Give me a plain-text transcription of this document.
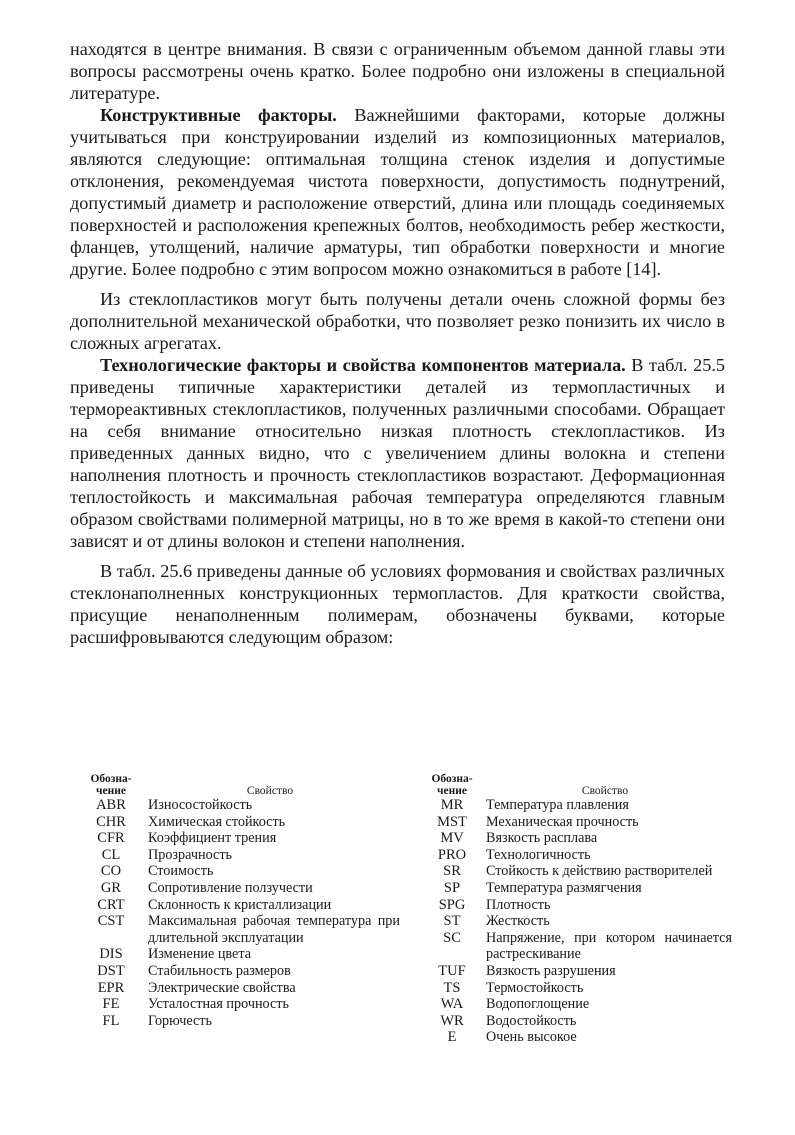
находятся в центре внимания. В связи с ограниченным объемом данной главы эти вопросы рассмотрены очень кратко. Более подробно они изложены в специальной литературе.

Конструктивные факторы. Важнейшими факторами, которые должны учитываться при конструировании изделий из композиционных материалов, являются следующие: оптимальная толщина стенок изделия и допустимые отклонения, рекомендуемая чистота поверхности, допустимость поднутрений, допустимый диаметр и расположение отверстий, длина или площадь соединяемых поверхностей и расположения крепежных болтов, необходимость ребер жесткости, фланцев, утолщений, наличие арматуры, тип обработки поверхности и многие другие. Более подробно с этим вопросом можно ознакомиться в работе [14].

Из стеклопластиков могут быть получены детали очень сложной формы без дополнительной механической обработки, что позволяет резко понизить их число в сложных агрегатах.

Технологические факторы и свойства компонентов материала. В табл. 25.5 приведены типичные характеристики деталей из термопластичных и термореактивных стеклопластиков, полученных различными способами. Обращает на себя внимание относительно низкая плотность стеклопластиков. Из приведенных данных видно, что с увеличением длины волокна и степени наполнения плотность и прочность стеклопластиков возрастают. Деформационная теплостойкость и максимальная рабочая температура определяются главным образом свойствами полимерной матрицы, но в то же время в какой-то степени они зависят и от длины волокон и степени наполнения.

В табл. 25.6 приведены данные об условиях формования и свойствах различных стеклонаполненных конструкционных термопластов. Для краткости свойства, присущие ненаполненным полимерам, обозначены буквами, которые расшифровываются следующим образом:

Обозна-
чение	Свойство
ABR	Износостойкость
CHR	Химическая стойкость
CFR	Коэффициент трения
CL	Прозрачность
CO	Стоимость
GR	Сопротивление ползучести
CRT	Склонность к кристаллизации
CST	Максимальная рабочая температура при длительной эксплуатации
DIS	Изменение цвета
DST	Стабильность размеров
EPR	Электрические свойства
FE	Усталостная прочность
FL	Горючесть
Обозна-
чение	Свойство
MR	Температура плавления
MST	Механическая прочность
MV	Вязкость расплава
PRO	Технологичность
SR	Стойкость к действию растворителей
SP	Температура размягчения
SPG	Плотность
ST	Жесткость
SC	Напряжение, при котором начинается растрескивание
TUF	Вязкость разрушения
TS	Термостойкость
WA	Водопоглощение
WR	Водостойкость
E	Очень высокое
